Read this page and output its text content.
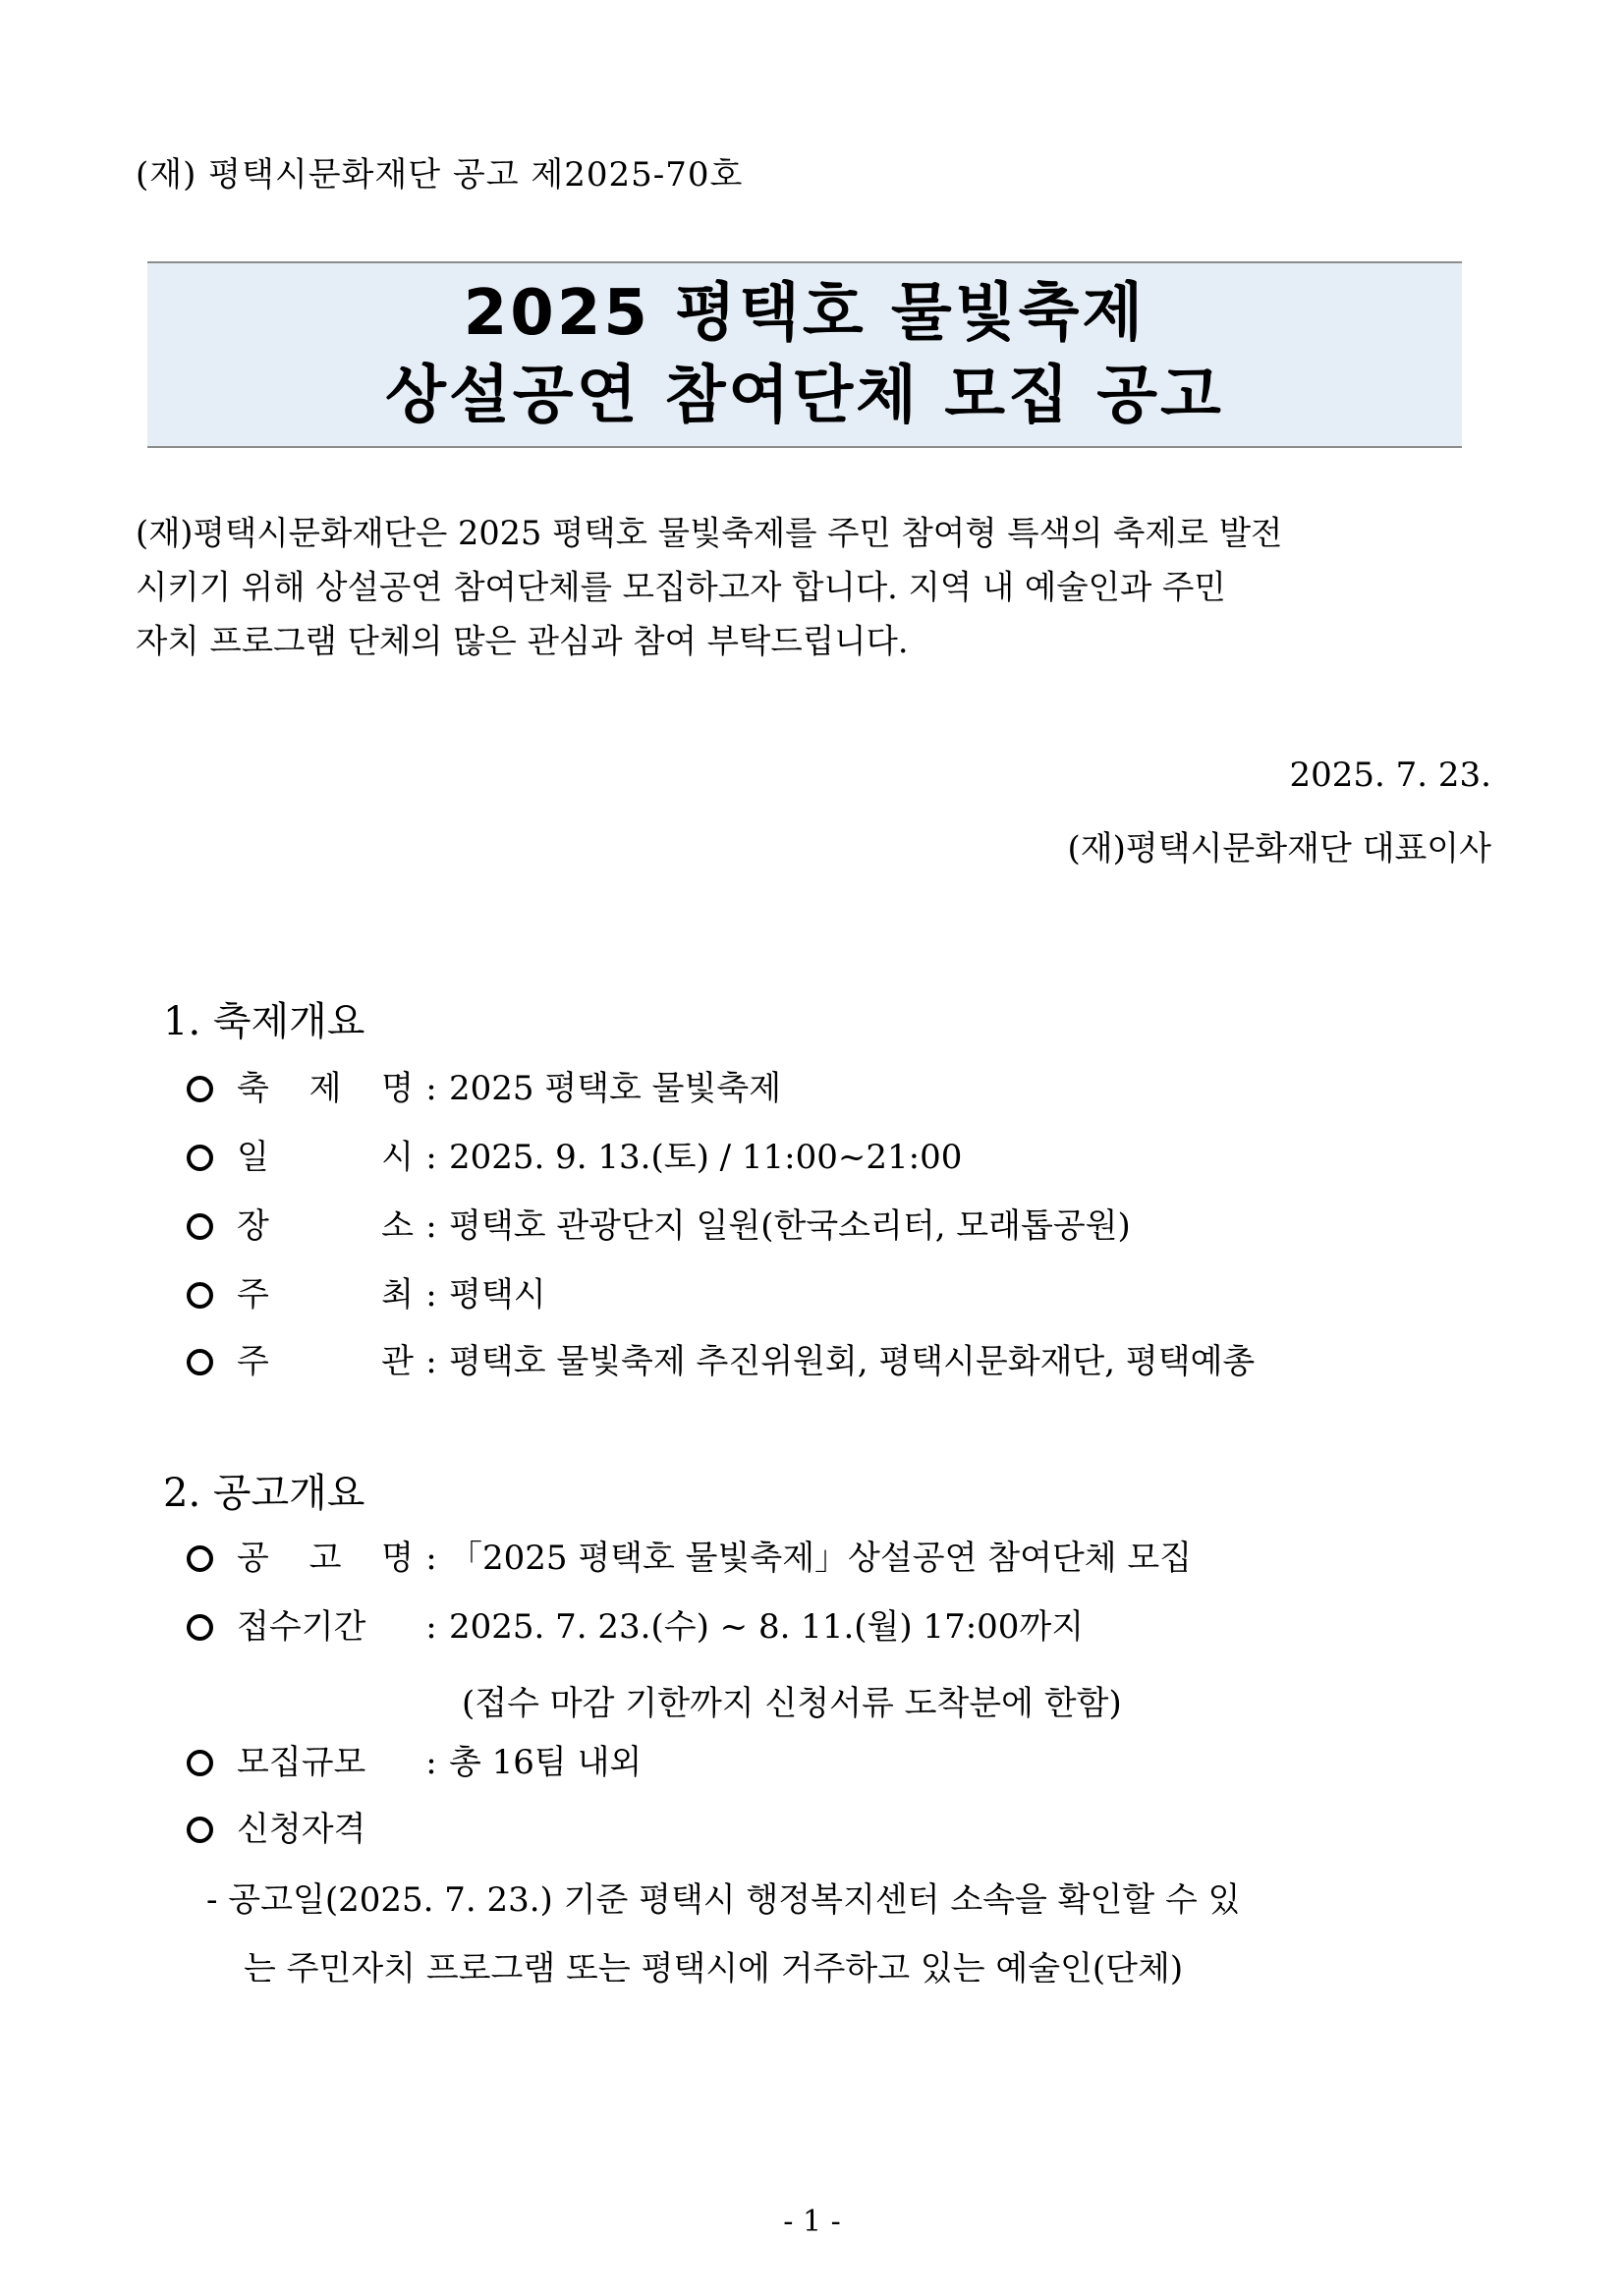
(재) 평택시문화재단 공고 제2025-70호
2025 평택호 물빛축제
상설공연 참여단체 모집 공고

(재)평택시문화재단은 2025 평택호 물빛축제를 주민 참여형 특색의 축제로 발전

시키기 위해 상설공연 참여단체를 모집하고자 합니다. 지역 내 예술인과 주민

자치 프로그램 단체의 많은 관심과 참여 부탁드립니다.

2025. 7. 23.
(재)평택시문화재단 대표이사
1. 축제개요
축 제 명 : 2025 평택호 물빛축제
일	시 : 2025. 9. 13.(토) / 11:00~21:00
장	소 : 평택호 관광단지 일원(한국소리터, 모래톱공원)
주	최 : 평택시
주	관 : 평택호 물빛축제 추진위원회, 평택시문화재단, 평택예총
2. 공고개요
공 고 명 : 「2025 평택호 물빛축제」상설공연 참여단체 모집
접수기간	: 2025. 7. 23.(수) ~ 8. 11.(월) 17:00까지
(접수 마감 기한까지 신청서류 도착분에 한함)
모집규모	: 총 16팀 내외
신청자격
- 공고일(2025. 7. 23.) 기준 평택시 행정복지센터 소속을 확인할 수 있
는 주민자치 프로그램 또는 평택시에 거주하고 있는 예술인(단체)
- 1 -
